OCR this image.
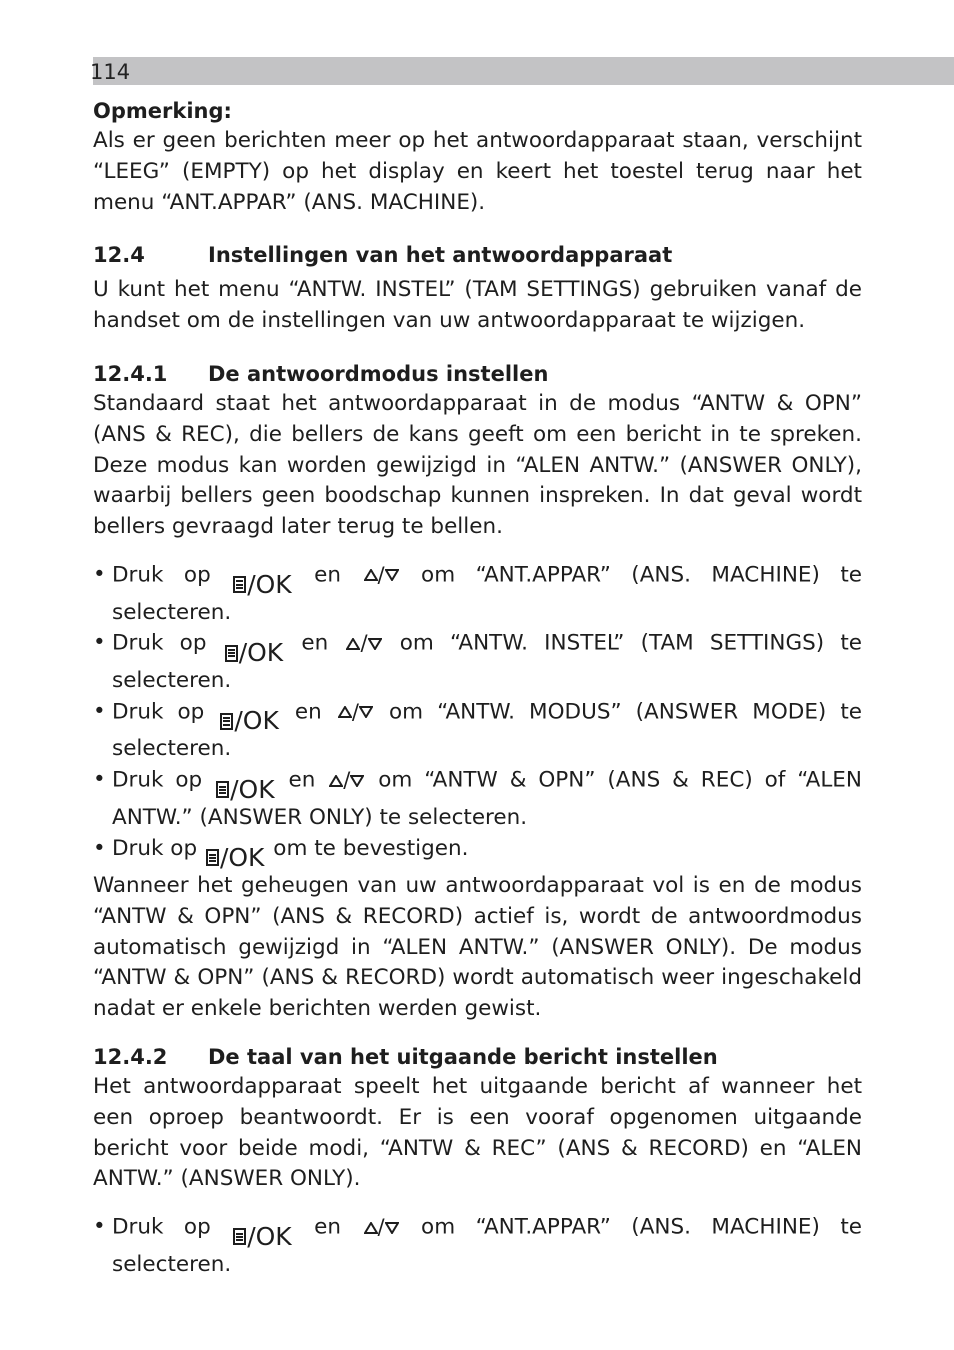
114

Opmerking:

Als er geen berichten meer op het antwoordapparaat staan, verschijnt “LEEG” (EMPTY) op het display en keert het toestel terug naar het menu “ANT.APPAR” (ANS. MACHINE).

12.4	Instellingen van het antwoordapparaat

U kunt het menu “ANTW. INSTEL” (TAM SETTINGS) gebruiken vanaf de handset om de instellingen van uw antwoordapparaat te wijzigen.

12.4.1	De antwoordmodus instellen

Standaard staat het antwoordapparaat in de modus “ANTW & OPN” (ANS & REC), die bellers de kans geeft om een bericht in te spreken. Deze modus kan worden gewijzigd in “ALEN ANTW.” (ANSWER ONLY), waarbij bellers geen boodschap kunnen inspreken. In dat geval wordt bellers gevraagd later terug te bellen.

• Druk op /OK en / om “ANT.APPAR” (ANS. MACHINE) te selecteren.
• Druk op /OK en / om “ANTW. INSTEL” (TAM SETTINGS) te selecteren.
• Druk op /OK en / om “ANTW. MODUS” (ANSWER MODE) te selecteren.
• Druk op /OK en / om “ANTW & OPN” (ANS & REC) of “ALEN ANTW.” (ANSWER ONLY) te selecteren.
• Druk op /OK om te bevestigen.

Wanneer het geheugen van uw antwoordapparaat vol is en de modus “ANTW & OPN” (ANS & RECORD) actief is, wordt de antwoordmodus automatisch gewijzigd in “ALEN ANTW.” (ANSWER ONLY). De modus “ANTW & OPN” (ANS & RECORD) wordt automatisch weer ingeschakeld nadat er enkele berichten werden gewist.

12.4.2	De taal van het uitgaande bericht instellen

Het antwoordapparaat speelt het uitgaande bericht af wanneer het een oproep beantwoordt. Er is een vooraf opgenomen uitgaande bericht voor beide modi, “ANTW & REC” (ANS & RECORD) en “ALEN ANTW.” (ANSWER ONLY).

• Druk op /OK en / om “ANT.APPAR” (ANS. MACHINE) te selecteren.
